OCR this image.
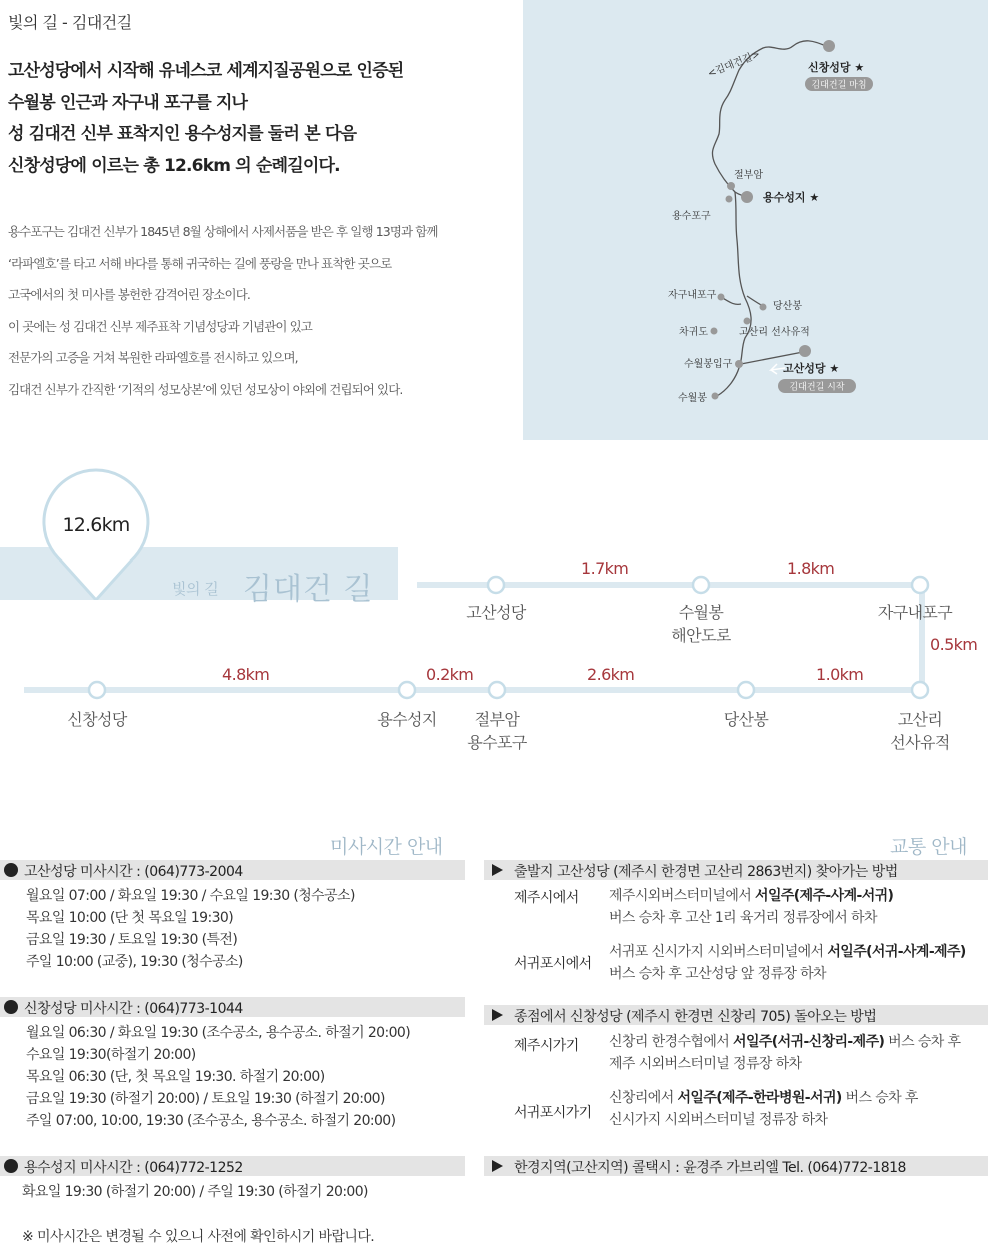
빛의 길 - 김대건길
고산성당에서 시작해 유네스코 세계지질공원으로 인증된
수월봉 인근과 자구내 포구를 지나
성 김대건 신부 표착지인 용수성지를 둘러 본 다음
신창성당에 이르는 총 12.6km 의 순례길이다.
용수포구는 김대건 신부가 1845년 8월 상해에서 사제서품을 받은 후 일행 13명과 함께
‘라파엘호’를 타고 서해 바다를 통해 귀국하는 길에 풍랑을 만나 표착한 곳으로
고국에서의 첫 미사를 봉헌한 감격어린 장소이다.
이 곳에는 성 김대건 신부 제주표착 기념성당과 기념관이 있고
전문가의 고증을 거쳐 복원한 라파엘호를 전시하고 있으며,
김대건 신부가 간직한 ‘기적의 성모상본’에 있던 성모상이 야외에 건립되어 있다.
<김대건길>	신창성당 ★
김대건길 마침
절부암
용수성지 ★
용수포구
자구내포구
당산봉
차귀도	고산리 선사유적
수월봉입구	고산성당 ★
김대건길 시작
수월봉
12.6km
빛의 길 김대건 길
고산성당	수월봉
해안도로
자구내포구
고산리
선사유적
당산봉
절부암
용수포구
용수성지
신창성당
1.7km	1.8km
0.5km
1.0km
2.6km
0.2km
4.8km
미사시간 안내
고산성당 미사시간 : (064)773-2004
월요일 07:00 / 화요일 19:30 / 수요일 19:30 (청수공소)
목요일 10:00 (단 첫 목요일 19:30)
금요일 19:30 / 토요일 19:30 (특전)
주일 10:00 (교중), 19:30 (청수공소)
신창성당 미사시간 : (064)773-1044
월요일 06:30 / 화요일 19:30 (조수공소, 용수공소. 하절기 20:00)
수요일 19:30(하절기 20:00)
목요일 06:30 (단, 첫 목요일 19:30. 하절기 20:00)
금요일 19:30 (하절기 20:00) / 토요일 19:30 (하절기 20:00)
주일 07:00, 10:00, 19:30 (조수공소, 용수공소. 하절기 20:00)
용수성지 미사시간 : (064)772-1252
화요일 19:30 (하절기 20:00) / 주일 19:30 (하절기 20:00)
※ 미사시간은 변경될 수 있으니 사전에 확인하시기 바랍니다.
교통 안내
출발지 고산성당 (제주시 한경면 고산리 2863번지) 찾아가는 방법
제주시에서 제주시외버스터미널에서 서일주(제주-사계-서귀)
버스 승차 후 고산 1리 육거리 정류장에서 하차
서귀포시에서
서귀포 신시가지 시외버스터미널에서 서일주(서귀-사계-제주)
버스 승차 후 고산성당 앞 정류장 하차
종점에서 신창성당 (제주시 한경면 신창리 705) 돌아오는 방법
제주시가기 신창리 한경수협에서 서일주(서귀-신창리-제주) 버스 승차 후
제주 시외버스터미널 정류장 하차
서귀포시가기
신창리에서 서일주(제주-한라병원-서귀) 버스 승차 후
신시가지 시외버스터미널 정류장 하차
한경지역(고산지역) 콜택시 : 윤경주 가브리엘 Tel. (064)772-1818
